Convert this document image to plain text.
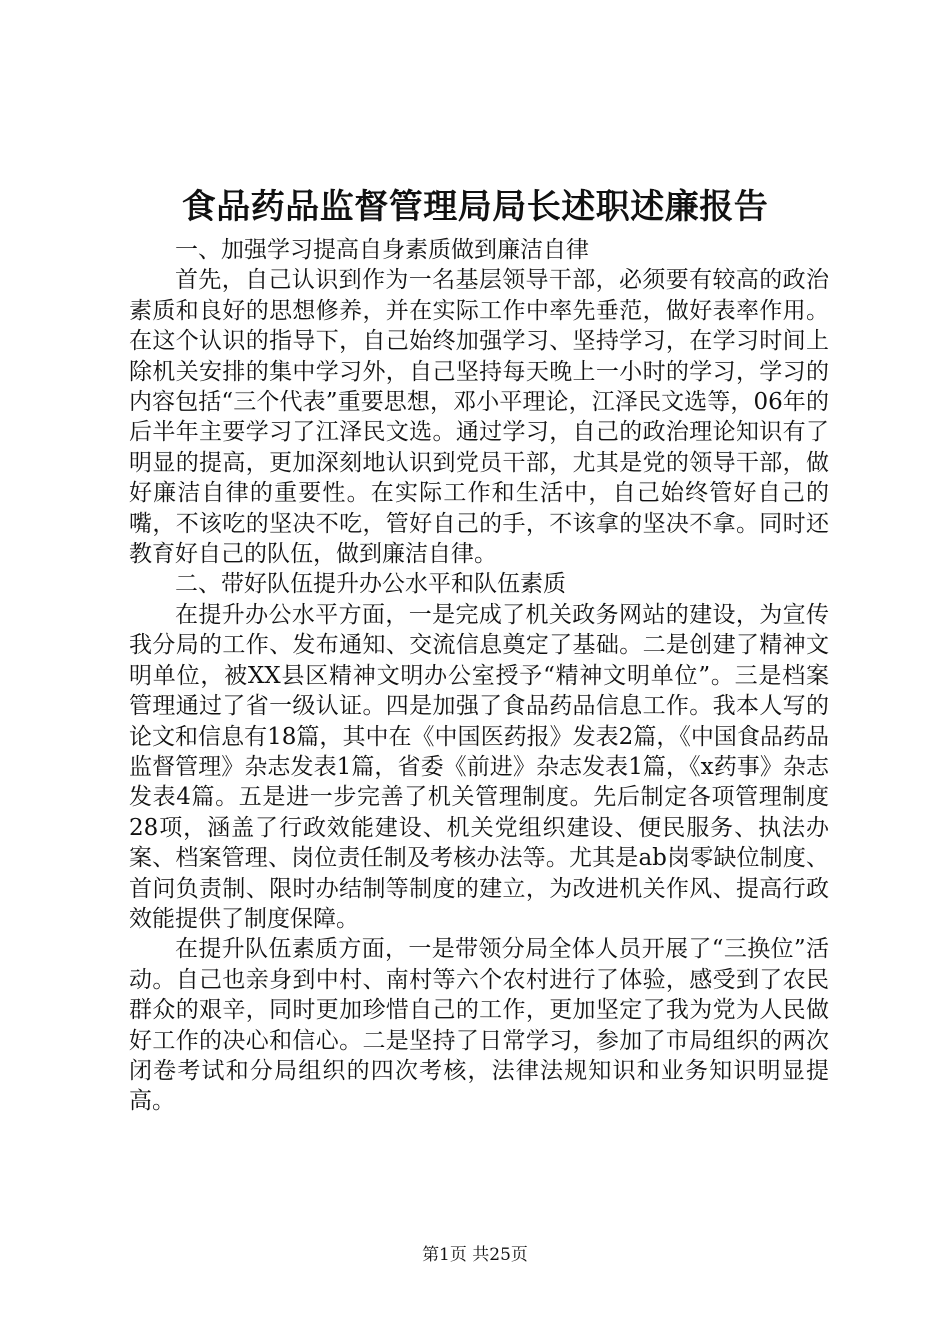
食品药品监督管理局局长述职述廉报告

一、加强学习提高自身素质做到廉洁自律

首先，自己认识到作为一名基层领导干部，必须要有较高的政治素质和良好的思想修养，并在实际工作中率先垂范，做好表率作用。在这个认识的指导下，自己始终加强学习、坚持学习，在学习时间上除机关安排的集中学习外，自己坚持每天晚上一小时的学习，学习的内容包括“三个代表”重要思想，邓小平理论，江泽民文选等，06年的后半年主要学习了江泽民文选。通过学习，自己的政治理论知识有了明显的提高，更加深刻地认识到党员干部，尤其是党的领导干部，做好廉洁自律的重要性。在实际工作和生活中，自己始终管好自己的嘴，不该吃的坚决不吃，管好自己的手，不该拿的坚决不拿。同时还教育好自己的队伍，做到廉洁自律。

二、带好队伍提升办公水平和队伍素质

在提升办公水平方面，一是完成了机关政务网站的建设，为宣传我分局的工作、发布通知、交流信息奠定了基础。二是创建了精神文明单位，被XX县区精神文明办公室授予“精神文明单位”。三是档案管理通过了省一级认证。四是加强了食品药品信息工作。我本人写的论文和信息有18篇，其中在《中国医药报》发表2篇，《中国食品药品监督管理》杂志发表1篇，省委《前进》杂志发表1篇，《x药事》杂志发表4篇。五是进一步完善了机关管理制度。先后制定各项管理制度28项，涵盖了行政效能建设、机关党组织建设、便民服务、执法办案、档案管理、岗位责任制及考核办法等。尤其是ab岗零缺位制度、首问负责制、限时办结制等制度的建立，为改进机关作风、提高行政效能提供了制度保障。

在提升队伍素质方面，一是带领分局全体人员开展了“三换位”活动。自己也亲身到中村、南村等六个农村进行了体验，感受到了农民群众的艰辛，同时更加珍惜自己的工作，更加坚定了我为党为人民做好工作的决心和信心。二是坚持了日常学习，参加了市局组织的两次闭卷考试和分局组织的四次考核，法律法规知识和业务知识明显提高。

第1页 共25页
